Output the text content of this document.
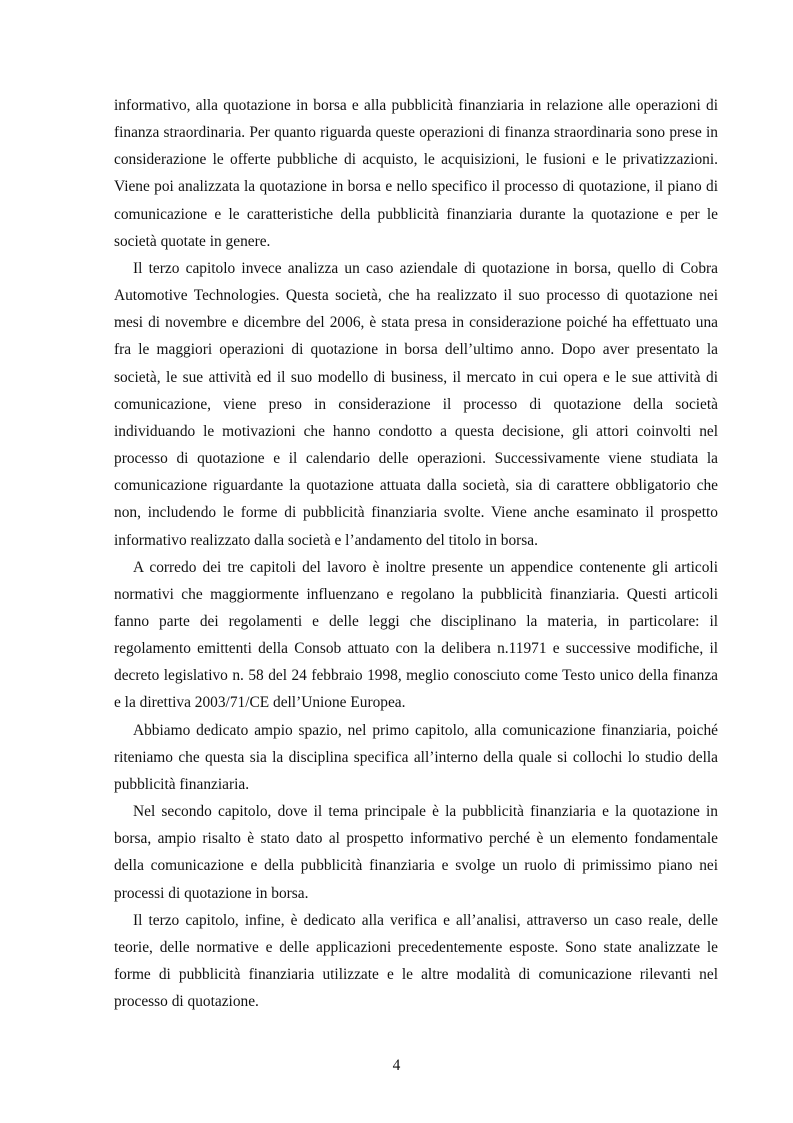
informativo, alla quotazione in borsa e alla pubblicità finanziaria in relazione alle operazioni di finanza straordinaria. Per quanto riguarda queste operazioni di finanza straordinaria sono prese in considerazione le offerte pubbliche di acquisto, le acquisizioni, le fusioni e le privatizzazioni. Viene poi analizzata la quotazione in borsa e nello specifico il processo di quotazione, il piano di comunicazione e le caratteristiche della pubblicità finanziaria durante la quotazione e per le società quotate in genere.

Il terzo capitolo invece analizza un caso aziendale di quotazione in borsa, quello di Cobra Automotive Technologies. Questa società, che ha realizzato il suo processo di quotazione nei mesi di novembre e dicembre del 2006, è stata presa in considerazione poiché ha effettuato una fra le maggiori operazioni di quotazione in borsa dell’ultimo anno. Dopo aver presentato la società, le sue attività ed il suo modello di business, il mercato in cui opera e le sue attività di comunicazione, viene preso in considerazione il processo di quotazione della società individuando le motivazioni che hanno condotto a questa decisione, gli attori coinvolti nel processo di quotazione e il calendario delle operazioni. Successivamente viene studiata la comunicazione riguardante la quotazione attuata dalla società, sia di carattere obbligatorio che non, includendo le forme di pubblicità finanziaria svolte. Viene anche esaminato il prospetto informativo realizzato dalla società e l’andamento del titolo in borsa.

A corredo dei tre capitoli del lavoro è inoltre presente un appendice contenente gli articoli normativi che maggiormente influenzano e regolano la pubblicità finanziaria. Questi articoli fanno parte dei regolamenti e delle leggi che disciplinano la materia, in particolare: il regolamento emittenti della Consob attuato con la delibera n.11971 e successive modifiche, il decreto legislativo n. 58 del 24 febbraio 1998, meglio conosciuto come Testo unico della finanza e la direttiva 2003/71/CE dell’Unione Europea.

Abbiamo dedicato ampio spazio, nel primo capitolo, alla comunicazione finanziaria, poiché riteniamo che questa sia la disciplina specifica all’interno della quale si collochi lo studio della pubblicità finanziaria.

Nel secondo capitolo, dove il tema principale è la pubblicità finanziaria e la quotazione in borsa, ampio risalto è stato dato al prospetto informativo perché è un elemento fondamentale della comunicazione e della pubblicità finanziaria e svolge un ruolo di primissimo piano nei processi di quotazione in borsa.

Il terzo capitolo, infine, è dedicato alla verifica e all’analisi, attraverso un caso reale, delle teorie, delle normative e delle applicazioni precedentemente esposte. Sono state analizzate le forme di pubblicità finanziaria utilizzate e le altre modalità di comunicazione rilevanti nel processo di quotazione.

4
